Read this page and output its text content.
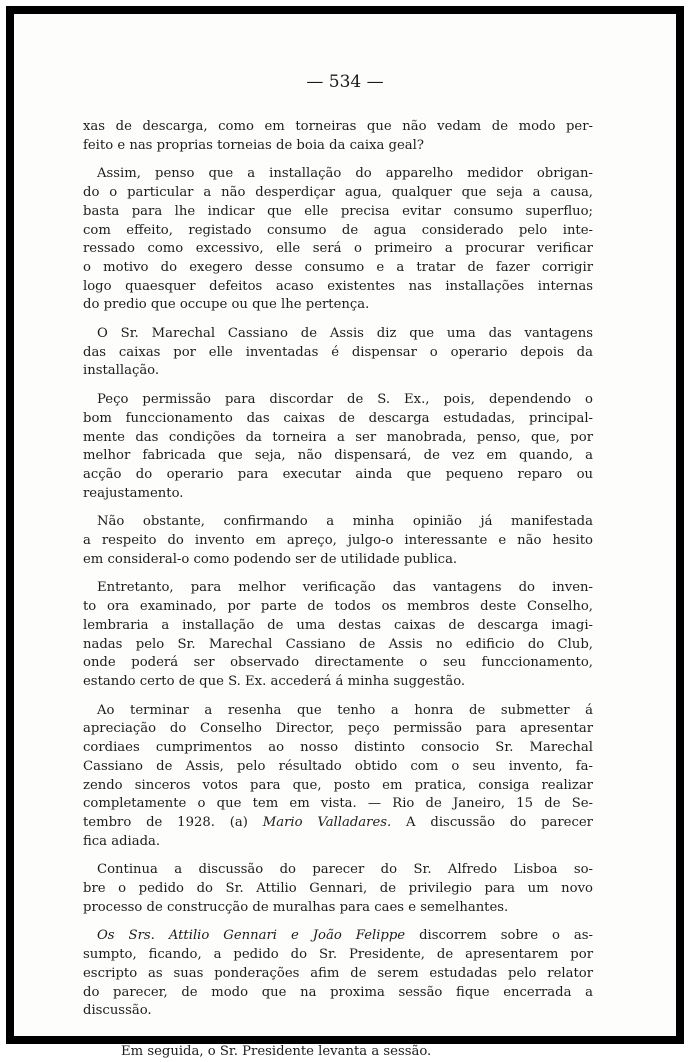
— 534 —
xas de descarga, como em torneiras que não vedam de modo per-
feito e nas proprias torneias de boia da caixa geal?
Assim, penso que a installação do apparelho medidor obrigan-
do o particular a não desperdiçar agua, qualquer que seja a causa,
basta para lhe indicar que elle precisa evitar consumo superfluo;
com effeito, registado consumo de agua considerado pelo inte-
ressado como excessivo, elle será o primeiro a procurar verificar
o motivo do exegero desse consumo e a tratar de fazer corrigir
logo quaesquer defeitos acaso existentes nas installações internas
do predio que occupe ou que lhe pertença.
O Sr. Marechal Cassiano de Assis diz que uma das vantagens
das caixas por elle inventadas é dispensar o operario depois da
installação.
Peço permissão para discordar de S. Ex., pois, dependendo o
bom funccionamento das caixas de descarga estudadas, principal-
mente das condições da torneira a ser manobrada, penso, que, por
melhor fabricada que seja, não dispensará, de vez em quando, a
acção do operario para executar ainda que pequeno reparo ou
reajustamento.
Não obstante, confirmando a minha opinião já manifestada
a respeito do invento em apreço, julgo-o interessante e não hesito
em consideral-o como podendo ser de utilidade publica.
Entretanto, para melhor verificação das vantagens do inven-
to ora examinado, por parte de todos os membros deste Conselho,
lembraria a installação de uma destas caixas de descarga imagi-
nadas pelo Sr. Marechal Cassiano de Assis no edificio do Club,
onde poderá ser observado directamente o seu funccionamento,
estando certo de que S. Ex. accederá á minha suggestão.
Ao terminar a resenha que tenho a honra de submetter á
apreciação do Conselho Director, peço permissão para apresentar
cordiaes cumprimentos ao nosso distinto consocio Sr. Marechal
Cassiano de Assis, pelo résultado obtido com o seu invento, fa-
zendo sinceros votos para que, posto em pratica, consiga realizar
completamente o que tem em vista. — Rio de Janeiro, 15 de Se-
tembro de 1928. (a) Mario Valladares. A discussão do parecer
fica adiada.
Continua a discussão do parecer do Sr. Alfredo Lisboa so-
bre o pedido do Sr. Attilio Gennari, de privilegio para um novo
processo de construcção de muralhas para caes e semelhantes.
Os Srs. Attilio Gennari e João Felippe discorrem sobre o as-
sumpto, ficando, a pedido do Sr. Presidente, de apresentarem por
escripto as suas ponderações afim de serem estudadas pelo relator
do parecer, de modo que na proxima sessão fique encerrada a
discussão.
Em seguida, o Sr. Presidente levanta a sessão.
